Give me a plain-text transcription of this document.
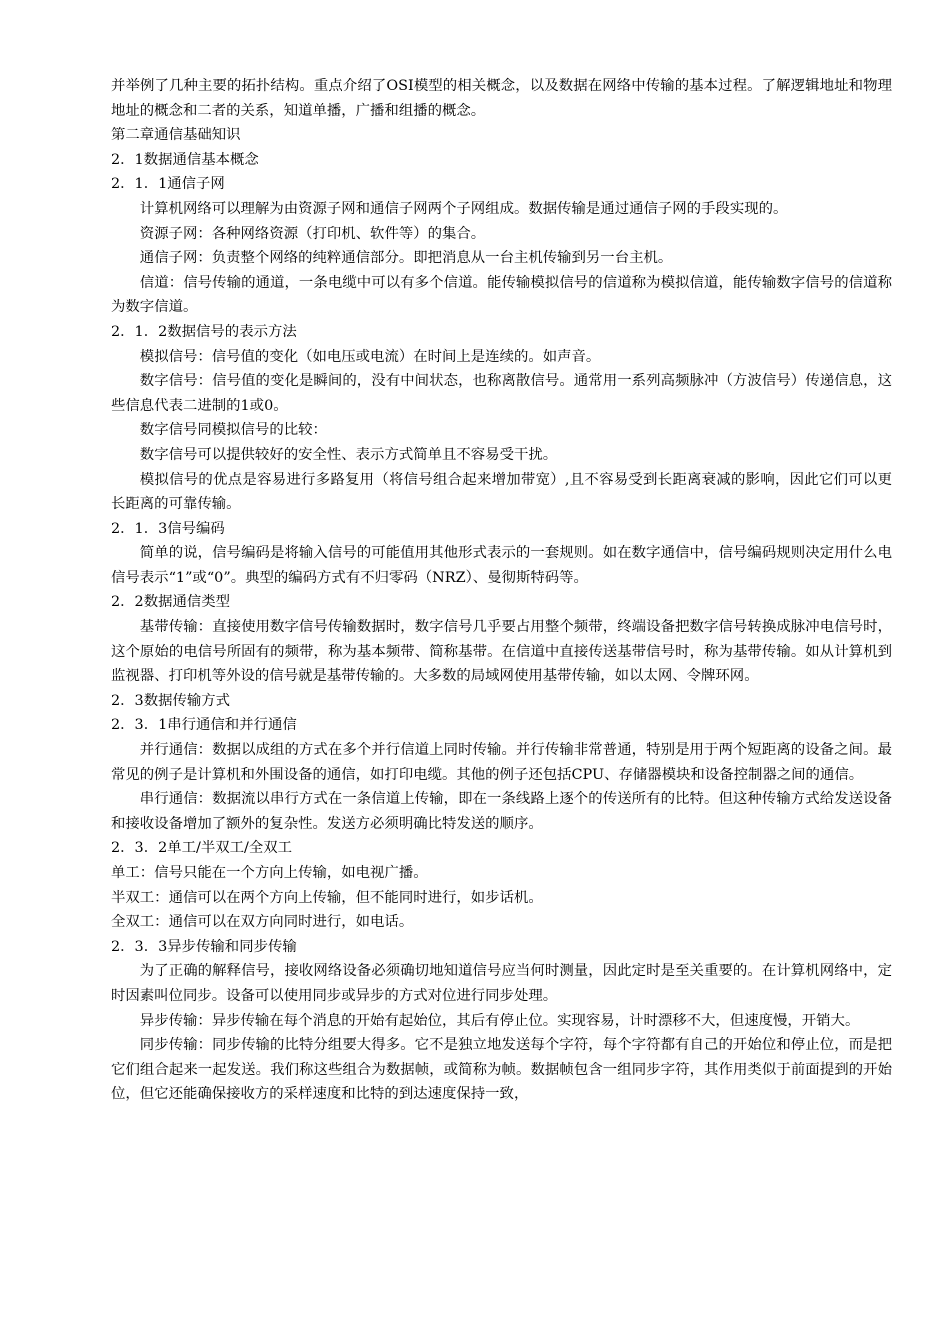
并举例了几种主要的拓扑结构。重点介绍了OSI模型的相关概念，以及数据在网络中传输的基本过程。了解逻辑地址和物理地址的概念和二者的关系，知道单播，广播和组播的概念。

第二章通信基础知识

2．1数据通信基本概念

2．1．1通信子网

计算机网络可以理解为由资源子网和通信子网两个子网组成。数据传输是通过通信子网的手段实现的。

资源子网：各种网络资源（打印机、软件等）的集合。

通信子网：负责整个网络的纯粹通信部分。即把消息从一台主机传输到另一台主机。

信道：信号传输的通道，一条电缆中可以有多个信道。能传输模拟信号的信道称为模拟信道，能传输数字信号的信道称为数字信道。

2．1．2数据信号的表示方法

模拟信号：信号值的变化（如电压或电流）在时间上是连续的。如声音。

数字信号：信号值的变化是瞬间的，没有中间状态，也称离散信号。通常用一系列高频脉冲（方波信号）传递信息，这些信息代表二进制的1或0。

数字信号同模拟信号的比较：

数字信号可以提供较好的安全性、表示方式简单且不容易受干扰。

模拟信号的优点是容易进行多路复用（将信号组合起来增加带宽）,且不容易受到长距离衰减的影响，因此它们可以更长距离的可靠传输。

2．1．3信号编码

简单的说，信号编码是将输入信号的可能值用其他形式表示的一套规则。如在数字通信中，信号编码规则决定用什么电信号表示“1”或“0”。典型的编码方式有不归零码（NRZ）、曼彻斯特码等。

2．2数据通信类型

基带传输：直接使用数字信号传输数据时，数字信号几乎要占用整个频带，终端设备把数字信号转换成脉冲电信号时，这个原始的电信号所固有的频带，称为基本频带、简称基带。在信道中直接传送基带信号时，称为基带传输。如从计算机到监视器、打印机等外设的信号就是基带传输的。大多数的局域网使用基带传输，如以太网、令牌环网。

2．3数据传输方式

2．3．1串行通信和并行通信

并行通信：数据以成组的方式在多个并行信道上同时传输。并行传输非常普通，特别是用于两个短距离的设备之间。最常见的例子是计算机和外围设备的通信，如打印电缆。其他的例子还包括CPU、存储器模块和设备控制器之间的通信。

串行通信：数据流以串行方式在一条信道上传输，即在一条线路上逐个的传送所有的比特。但这种传输方式给发送设备和接收设备增加了额外的复杂性。发送方必须明确比特发送的顺序。

2．3．2单工/半双工/全双工

单工：信号只能在一个方向上传输，如电视广播。

半双工：通信可以在两个方向上传输，但不能同时进行，如步话机。

全双工：通信可以在双方向同时进行，如电话。

2．3．3异步传输和同步传输

为了正确的解释信号，接收网络设备必须确切地知道信号应当何时测量，因此定时是至关重要的。在计算机网络中，定时因素叫位同步。设备可以使用同步或异步的方式对位进行同步处理。

异步传输：异步传输在每个消息的开始有起始位，其后有停止位。实现容易，计时漂移不大，但速度慢，开销大。

同步传输：同步传输的比特分组要大得多。它不是独立地发送每个字符，每个字符都有自己的开始位和停止位，而是把它们组合起来一起发送。我们称这些组合为数据帧，或简称为帧。数据帧包含一组同步字符，其作用类似于前面提到的开始位，但它还能确保接收方的采样速度和比特的到达速度保持一致，
